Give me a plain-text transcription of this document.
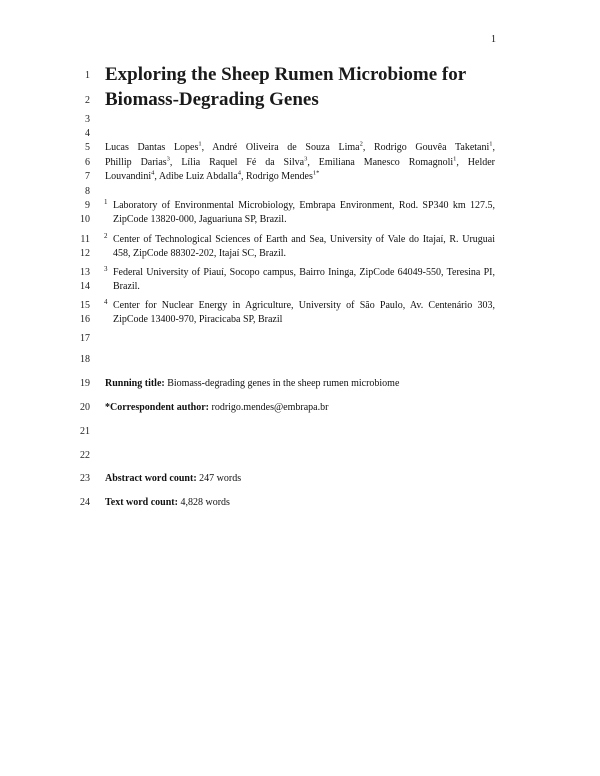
1
1
2
3
4
5
6
7
8
9
10
11
12
13
14
15
16
17
18
19
20
21
22
23
24
Exploring the Sheep Rumen Microbiome for
Biomass-Degrading Genes
Lucas Dantas Lopes$^1$, André Oliveira de Souza Lima$^2$, Rodrigo Gouvêa Taketani$^1$,
Phillip Darias$^3$, Lília Raquel Fé da Silva$^3$, Emiliana Manesco Romagnoli$^1$, Helder
Louvandini$^4$, Adibe Luiz Abdalla$^4$, Rodrigo Mendes$^{1*}$
1 Laboratory of Environmental Microbiology, Embrapa Environment, Rod. SP340 km 127.5,
ZipCode 13820-000, Jaguariuna SP, Brazil.
2 Center of Technological Sciences of Earth and Sea, University of Vale do Itajaí, R. Uruguai
458, ZipCode 88302-202, Itajaí SC, Brazil.
3 Federal University of Piauí, Socopo campus, Bairro Ininga, ZipCode 64049-550, Teresina PI,
Brazil.
4 Center for Nuclear Energy in Agriculture, University of São Paulo, Av. Centenário 303,
ZipCode 13400-970, Piracicaba SP, Brazil
Running title: Biomass-degrading genes in the sheep rumen microbiome
*Correspondent author: rodrigo.mendes@embrapa.br
Abstract word count: 247 words
Text word count: 4,828 words
